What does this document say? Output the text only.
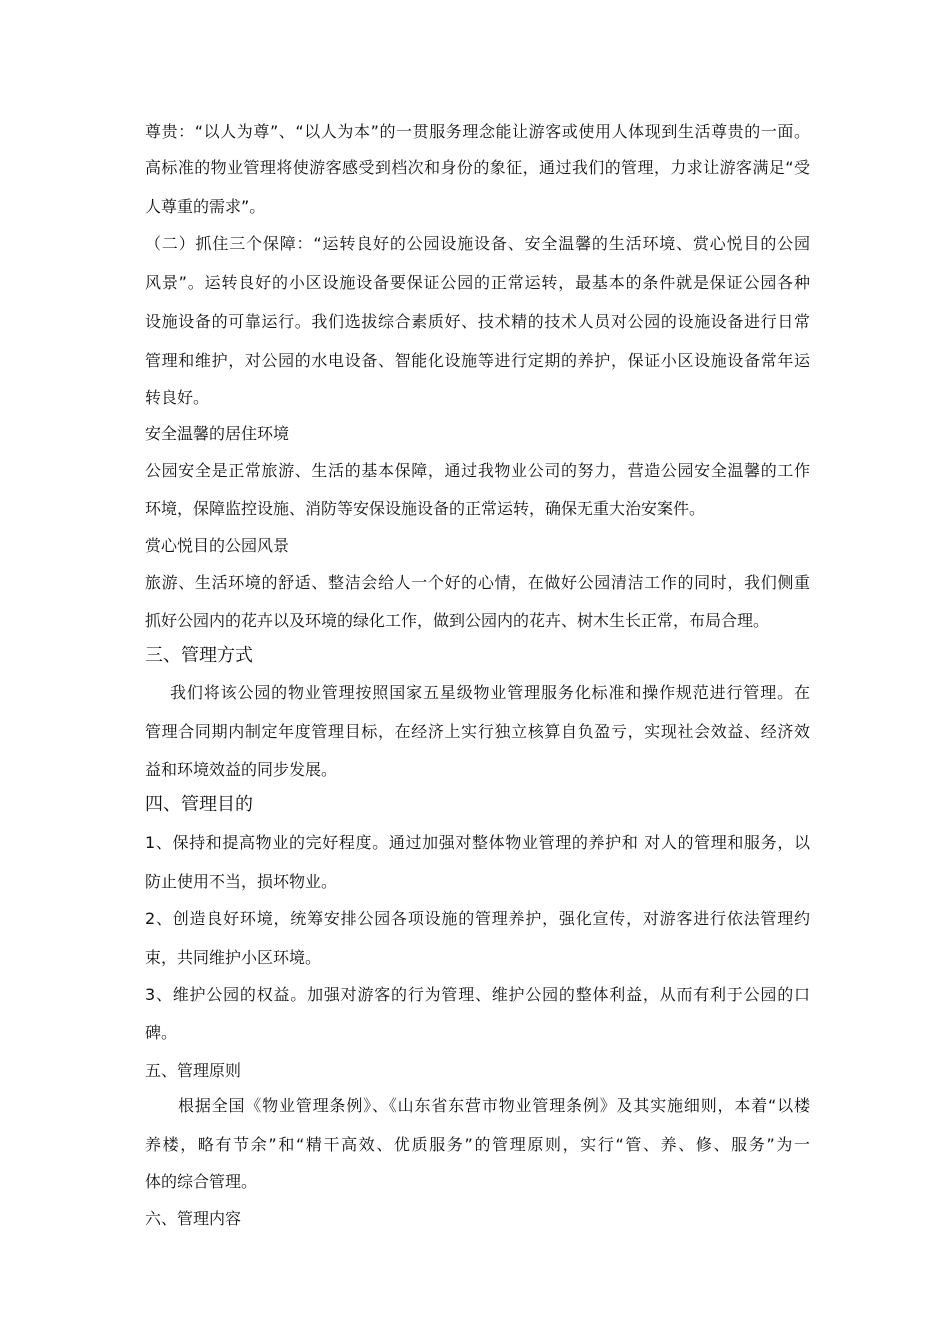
尊贵：“以人为尊”、“以人为本”的一贯服务理念能让游客或使用人体现到生活尊贵的一面。
高标准的物业管理将使游客感受到档次和身份的象征，通过我们的管理，力求让游客满足“受
人尊重的需求”。
（二）抓住三个保障：“运转良好的公园设施设备、安全温馨的生活环境、赏心悦目的公园
风景”。运转良好的小区设施设备要保证公园的正常运转，最基本的条件就是保证公园各种
设施设备的可靠运行。我们选拔综合素质好、技术精的技术人员对公园的设施设备进行日常
管理和维护，对公园的水电设备、智能化设施等进行定期的养护，保证小区设施设备常年运
转良好。
安全温馨的居住环境
公园安全是正常旅游、生活的基本保障，通过我物业公司的努力，营造公园安全温馨的工作
环境，保障监控设施、消防等安保设施设备的正常运转，确保无重大治安案件。
赏心悦目的公园风景
旅游、生活环境的舒适、整洁会给人一个好的心情，在做好公园清洁工作的同时，我们侧重
抓好公园内的花卉以及环境的绿化工作，做到公园内的花卉、树木生长正常，布局合理。
三、管理方式
我们将该公园的物业管理按照国家五星级物业管理服务化标准和操作规范进行管理。在
管理合同期内制定年度管理目标，在经济上实行独立核算自负盈亏，实现社会效益、经济效
益和环境效益的同步发展。
四、管理目的
1、保持和提高物业的完好程度。通过加强对整体物业管理的养护和 对人的管理和服务，以
防止使用不当，损坏物业。
2、创造良好环境，统筹安排公园各项设施的管理养护，强化宣传，对游客进行依法管理约
束，共同维护小区环境。
3、维护公园的权益。加强对游客的行为管理、维护公园的整体利益，从而有利于公园的口
碑。
五、管理原则
根据全国《物业管理条例》、《山东省东营市物业管理条例》及其实施细则，本着“以楼
养楼，略有节余”和“精干高效、优质服务”的管理原则，实行“管、养、修、服务”为一
体的综合管理。
六、管理内容
